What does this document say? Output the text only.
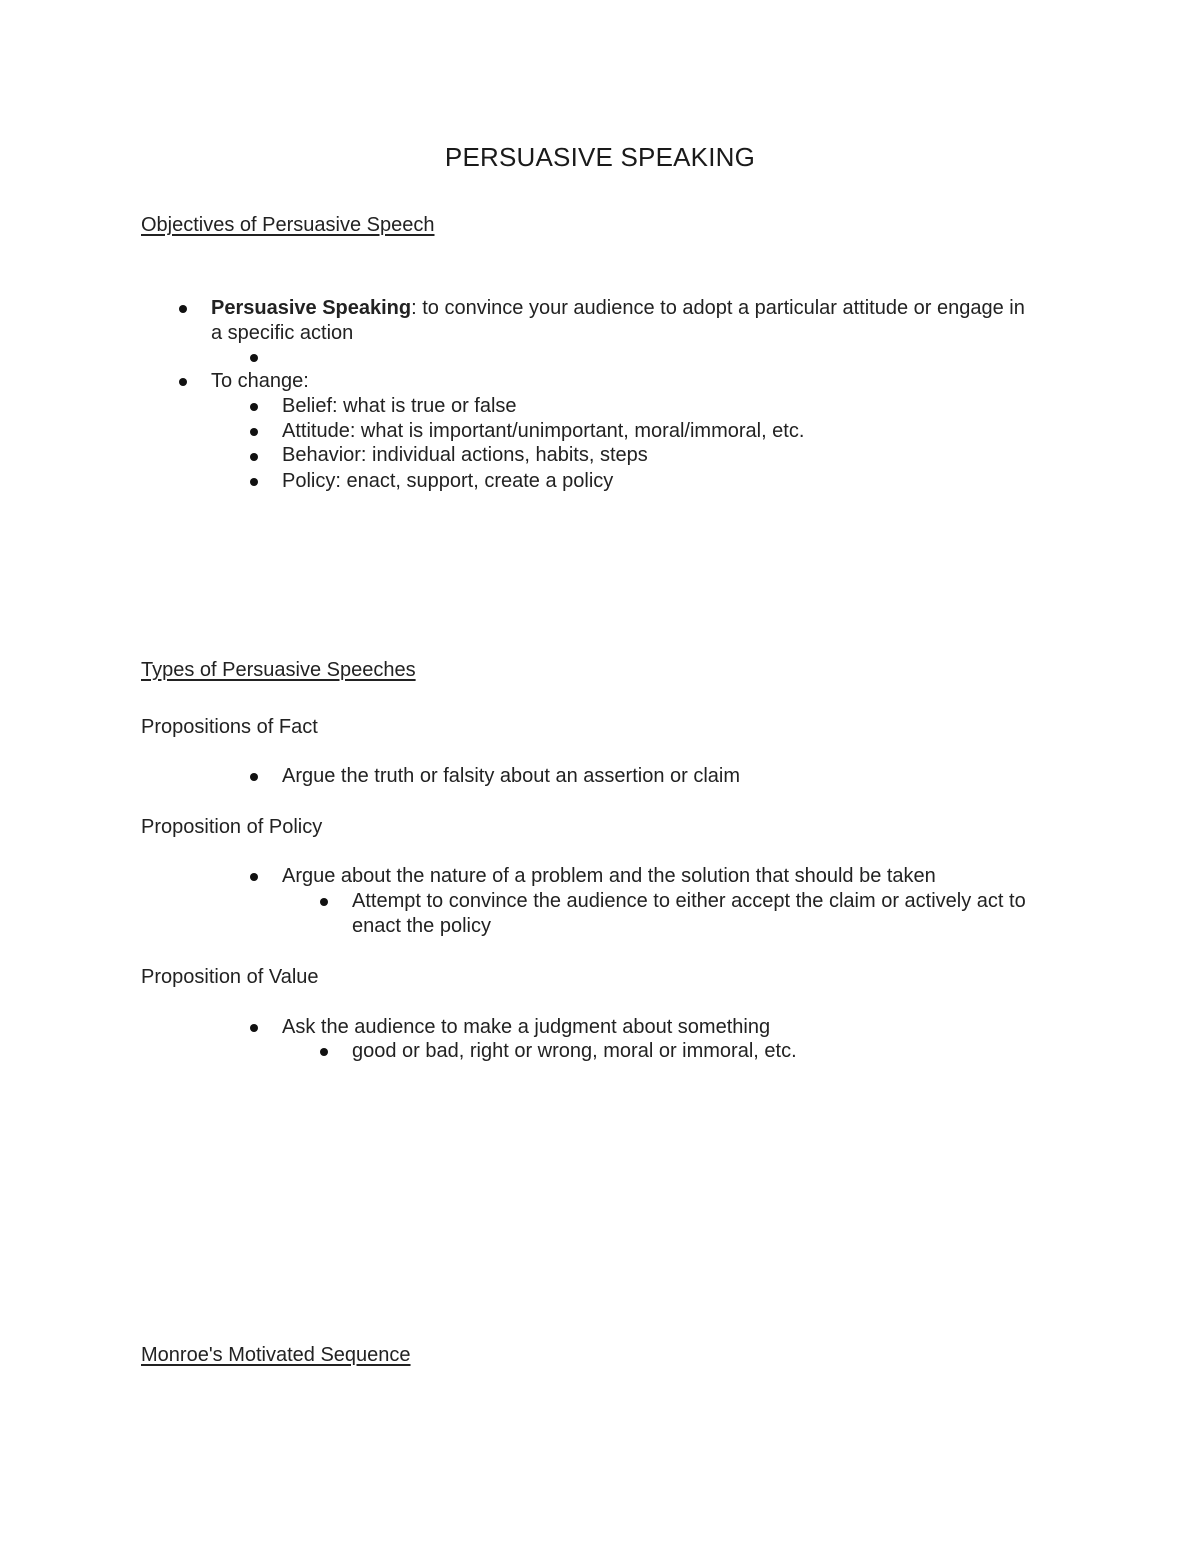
PERSUASIVE SPEAKING
Objectives of Persuasive Speech
Persuasive Speaking: to convince your audience to adopt a particular attitude or engage in a specific action
To change:
Belief: what is true or false
Attitude: what is important/unimportant, moral/immoral, etc.
Behavior: individual actions, habits, steps
Policy: enact, support, create a policy
Types of Persuasive Speeches
Propositions of Fact
Argue the truth or falsity about an assertion or claim
Proposition of Policy
Argue about the nature of a problem and the solution that should be taken
Attempt to convince the audience to either accept the claim or actively act to enact the policy
Proposition of Value
Ask the audience to make a judgment about something
good or bad, right or wrong, moral or immoral, etc.
Monroe's Motivated Sequence
